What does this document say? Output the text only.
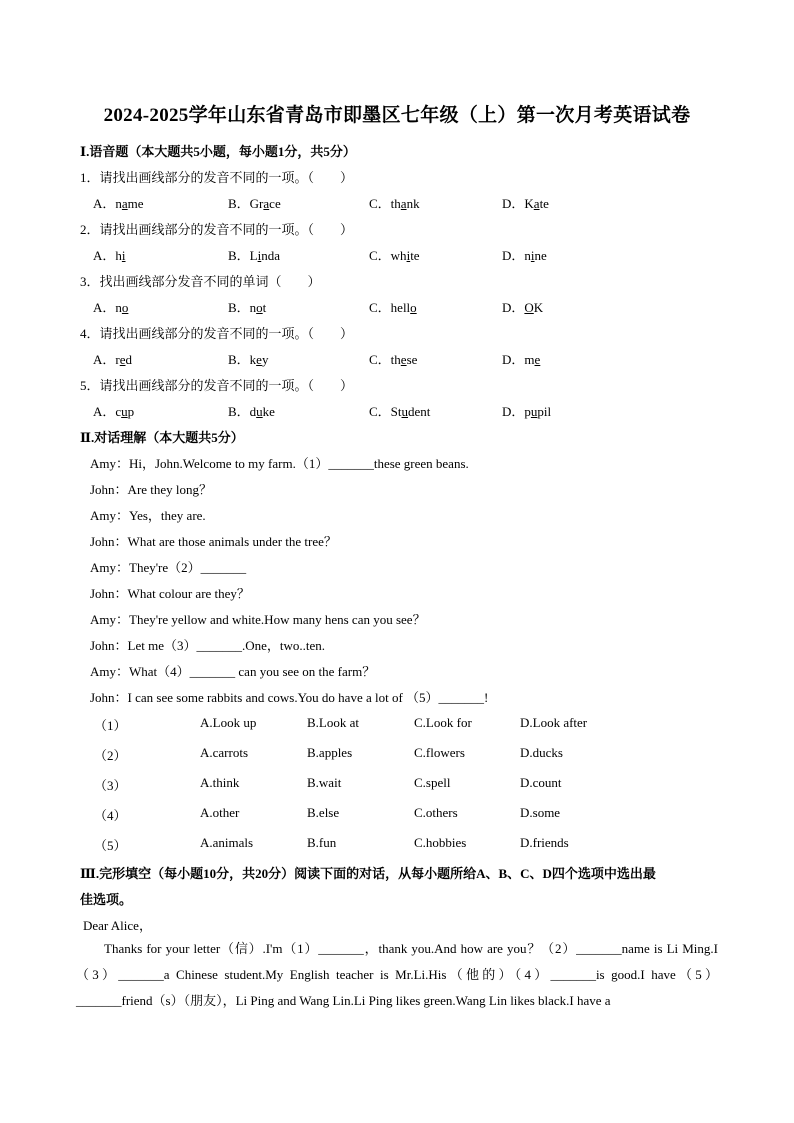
2024-2025学年山东省青岛市即墨区七年级（上）第一次月考英语试卷
Ⅰ.语音题（本大题共5小题，每小题1分，共5分）
1．请找出画线部分的发音不同的一项。（　　）
A．name	B．Grace	C．thank	D．Kate
2．请找出画线部分的发音不同的一项。（　　）
A．hi	B．Linda	C．white	D．nine
3．找出画线部分发音不同的单词（　　）
A．no	B．not	C．hello	D．OK
4．请找出画线部分的发音不同的一项。（　　）
A．red	B．key	C．these	D．me
5．请找出画线部分的发音不同的一项。（　　）
A．cup	B．duke	C．Student	D．pupil
Ⅱ.对话理解（本大题共5分）
Amy：Hi，John.Welcome to my farm.（1）_______these green beans.
John：Are they long？
Amy：Yes，they are.
John：What are those animals under the tree？
Amy：They're（2）_______
John：What colour are they？
Amy：They're yellow and white.How many hens can you see？
John：Let me（3）_______.One，two..ten.
Amy：What（4）_______ can you see on the farm？
John：I can see some rabbits and cows.You do have a lot of （5）_______!
（1）	A.Look up	B.Look at	C.Look for	D.Look after
（2）	A.carrots	B.apples	C.flowers	D.ducks
（3）	A.think	B.wait	C.spell	D.count
（4）	A.other	B.else	C.others	D.some
（5）	A.animals	B.fun	C.hobbies	D.friends
Ⅲ.完形填空（每小题10分，共20分）阅读下面的对话，从每小题所给A、B、C、D四个选项中选出最
佳选项。
Dear Alice，
Thanks for your letter（信）.I'm（1）_______，thank you.And how are you？（2）_______name is Li Ming.I（3）_______a Chinese student.My English teacher is Mr.Li.His（他的）（4）_______is good.I have（5）_______friend（s）（朋友），Li Ping and Wang Lin.Li Ping likes green.Wang Lin likes black.I have a
